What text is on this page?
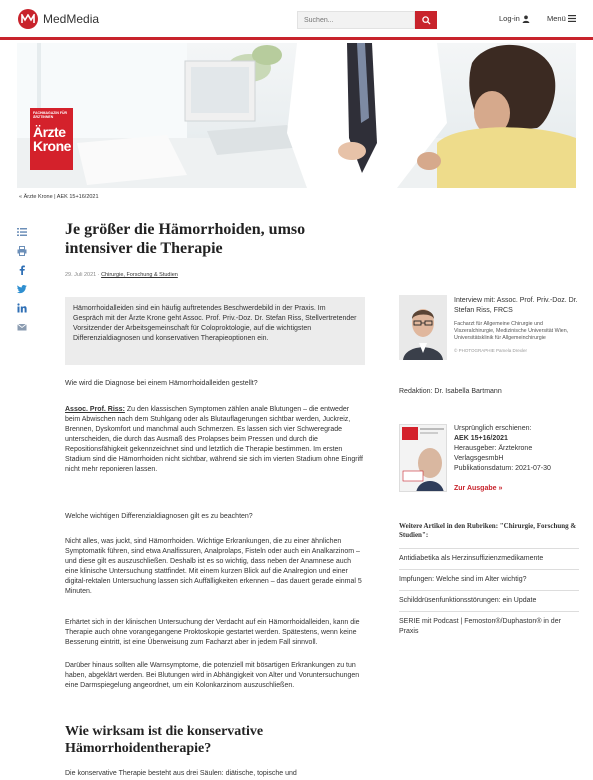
MedMedia
Suchen...	Log-in	Menü
FACHMAGAZIN FÜR ÄRZTINNEN
Ärzte
Krone
« Ärzte Krone | AEK 15+16/2021
Je größer die Hämorrhoiden, umso intensiver die Therapie
29. Juli 2021 · Chirurgie, Forschung & Studien
Hämorrhoidalleiden sind ein häufig auftretendes Beschwerdebild in der Praxis. Im Gespräch mit der Ärzte Krone geht Assoc. Prof. Priv.-Doz. Dr. Stefan Riss, Stellvertretender Vorsitzender der Arbeitsgemeinschaft für Coloproktologie, auf die wichtigsten Differenzialdiagnosen und konservativen Therapieoptionen ein.
Wie wird die Diagnose bei einem Hämorrhoidalleiden gestellt?
Assoc. Prof. Riss: Zu den klassischen Symptomen zählen anale Blutungen – die entweder beim Abwischen nach dem Stuhlgang oder als Blutauflagerungen sichtbar werden, Juckreiz, Brennen, Dyskomfort und manchmal auch Schmerzen. Es lassen sich vier Schweregrade unterscheiden, die durch das Ausmaß des Prolapses beim Pressen und durch die Repositionsfähigkeit gekennzeichnet sind und letztlich die Therapie bestimmen. Im ersten Stadium sind die Hämorrhoiden nicht sichtbar, während sie sich im vierten Stadium ohne Eingriff nicht mehr reponieren lassen.
Welche wichtigen Differenzialdiagnosen gilt es zu beachten?
Nicht alles, was juckt, sind Hämorrhoiden. Wichtige Erkrankungen, die zu einer ähnlichen Symptomatik führen, sind etwa Analfissuren, Analprolaps, Fisteln oder auch ein Analkarzinom – und diese gilt es auszuschließen. Deshalb ist es so wichtig, dass neben der Anamnese auch eine klinische Untersuchung stattfindet. Mit einem kurzen Blick auf die Analregion und einer digital-rektalen Untersuchung lassen sich Auffälligkeiten erkennen – das dauert gerade einmal 5 Minuten.
Erhärtet sich in der klinischen Untersuchung der Verdacht auf ein Hämorrhoidalleiden, kann die Therapie auch ohne vorangegangene Proktoskopie gestartet werden. Spätestens, wenn keine Besserung eintritt, ist eine Überweisung zum Facharzt aber in jedem Fall sinnvoll.
Darüber hinaus sollten alle Warnsymptome, die potenziell mit bösartigen Erkrankungen zu tun haben, abgeklärt werden. Bei Blutungen wird in Abhängigkeit von Alter und Voruntersuchungen eine Darmspiegelung angeordnet, um ein Kolonkarzinom auszuschließen.
Wie wirksam ist die konservative Hämorrhoidentherapie?
Die konservative Therapie besteht aus drei Säulen: diätische, topische und
Interview mit: Assoc. Prof. Priv.-Doz. Dr. Stefan Riss, FRCS
Facharzt für Allgemeine Chirurgie und Viszeralchirurgie, Medizinische Universität Wien, Universitätsklinik für Allgemeinchirurgie
© PHOTOGRAPHIE Pamela Drexler
Redaktion: Dr. Isabella Bartmann
Ursprünglich erschienen:
AEK 15+16/2021
Herausgeber: Ärztekrone VerlagsgesmbH
Publikationsdatum: 2021-07-30
Zur Ausgabe »
Weitere Artikel in den Rubriken: "Chirurgie, Forschung & Studien":
Antidiabetika als Herzinsuffizienzmedikamente
Impfungen: Welche sind im Alter wichtig?
Schilddrüsenfunktionsstörungen: ein Update
SERIE mit Podcast | Femoston®/Duphaston® in der Praxis
